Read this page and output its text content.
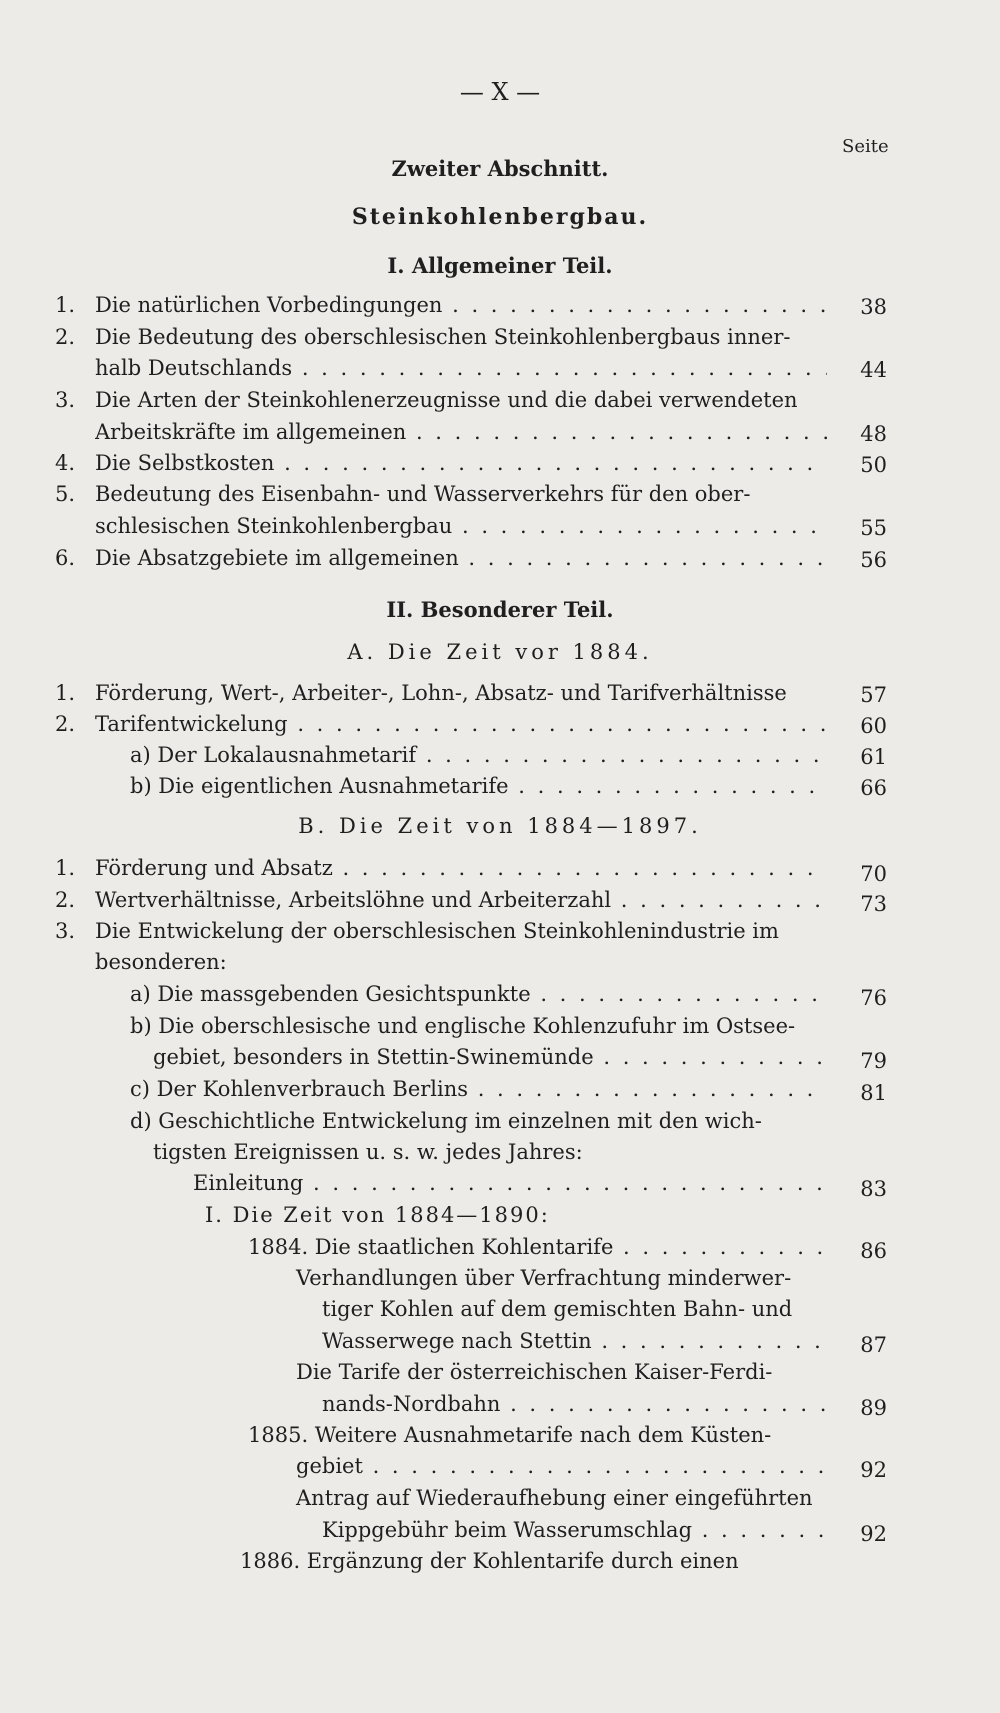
— X —
Seite
Zweiter Abschnitt.
Steinkohlenbergbau.
I. Allgemeiner Teil.
1. Die natürlichen Vorbedingungen . . .	38
2. Die Bedeutung des oberschlesischen Steinkohlenbergbaus inner-
halb Deutschlands . . .	44
3. Die Arten der Steinkohlenerzeugnisse und die dabei verwendeten
Arbeitskräfte im allgemeinen . . .	48
4. Die Selbstkosten . . .	50
5. Bedeutung des Eisenbahn- und Wasserverkehrs für den ober-
schlesischen Steinkohlenbergbau . . .	55
6. Die Absatzgebiete im allgemeinen . . .	56
II. Besonderer Teil.
A. Die Zeit vor 1884.
1. Förderung, Wert-, Arbeiter-, Lohn-, Absatz- und Tarifverhältnisse	57
2. Tarifentwickelung . . .	60
a) Der Lokalausnahmetarif . . .	61
b) Die eigentlichen Ausnahmetarife . . .	66
B. Die Zeit von 1884—1897.
1. Förderung und Absatz . . .	70
2. Wertverhältnisse, Arbeitslöhne und Arbeiterzahl . . .	73
3. Die Entwickelung der oberschlesischen Steinkohlenindustrie im
besonderen:
a) Die massgebenden Gesichtspunkte . . .	76
b) Die oberschlesische und englische Kohlenzufuhr im Ostsee-
gebiet, besonders in Stettin-Swinemünde . . .	79
c) Der Kohlenverbrauch Berlins . . .	81
d) Geschichtliche Entwickelung im einzelnen mit den wich-
tigsten Ereignissen u. s. w. jedes Jahres:
Einleitung . . .	83
I. Die Zeit von 1884—1890:
1884. Die staatlichen Kohlentarife . . .	86
Verhandlungen über Verfrachtung minderwer-
tiger Kohlen auf dem gemischten Bahn- und
Wasserwege nach Stettin . . .	87
Die Tarife der österreichischen Kaiser-Ferdi-
nands-Nordbahn . . .	89
1885. Weitere Ausnahmetarife nach dem Küsten-
gebiet . . .	92
Antrag auf Wiederaufhebung einer eingeführten
Kippgebühr beim Wasserumschlag . . .	92
1886. Ergänzung der Kohlentarife durch einen
